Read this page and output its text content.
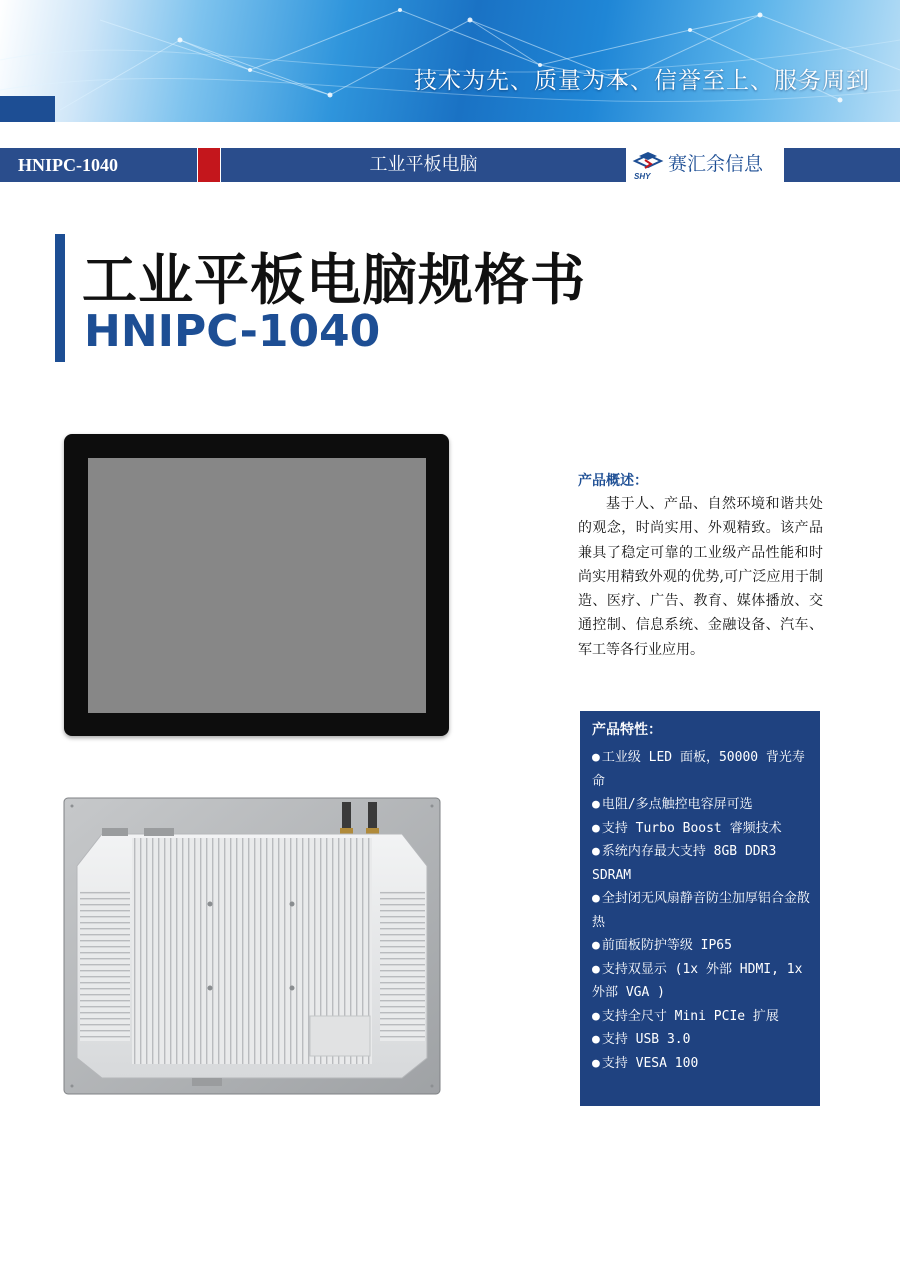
技术为先、质量为本、信誉至上、服务周到
HNIPC-1040	工业平板电脑
SHY
赛汇余信息
工业平板电脑规格书
HNIPC-1040
产品概述：

基于人、产品、自然环境和谐共处的观念，时尚实用、外观精致。该产品兼具了稳定可靠的工业级产品性能和时尚实用精致外观的优势,可广泛应用于制造、医疗、广告、教育、媒体播放、交通控制、信息系统、金融设备、汽车、军工等各行业应用。

产品特性：
● 工业级 LED 面板，50000 背光寿命
● 电阻/多点触控电容屏可选
● 支持 Turbo Boost 睿频技术
● 系统内存最大支持 8GB DDR3 SDRAM
● 全封闭无风扇静音防尘加厚铝合金散热
● 前面板防护等级 IP65
● 支持双显示 (1x 外部 HDMI, 1x 外部 VGA )
● 支持全尺寸 Mini PCIe 扩展
● 支持 USB 3.0
● 支持 VESA 100
